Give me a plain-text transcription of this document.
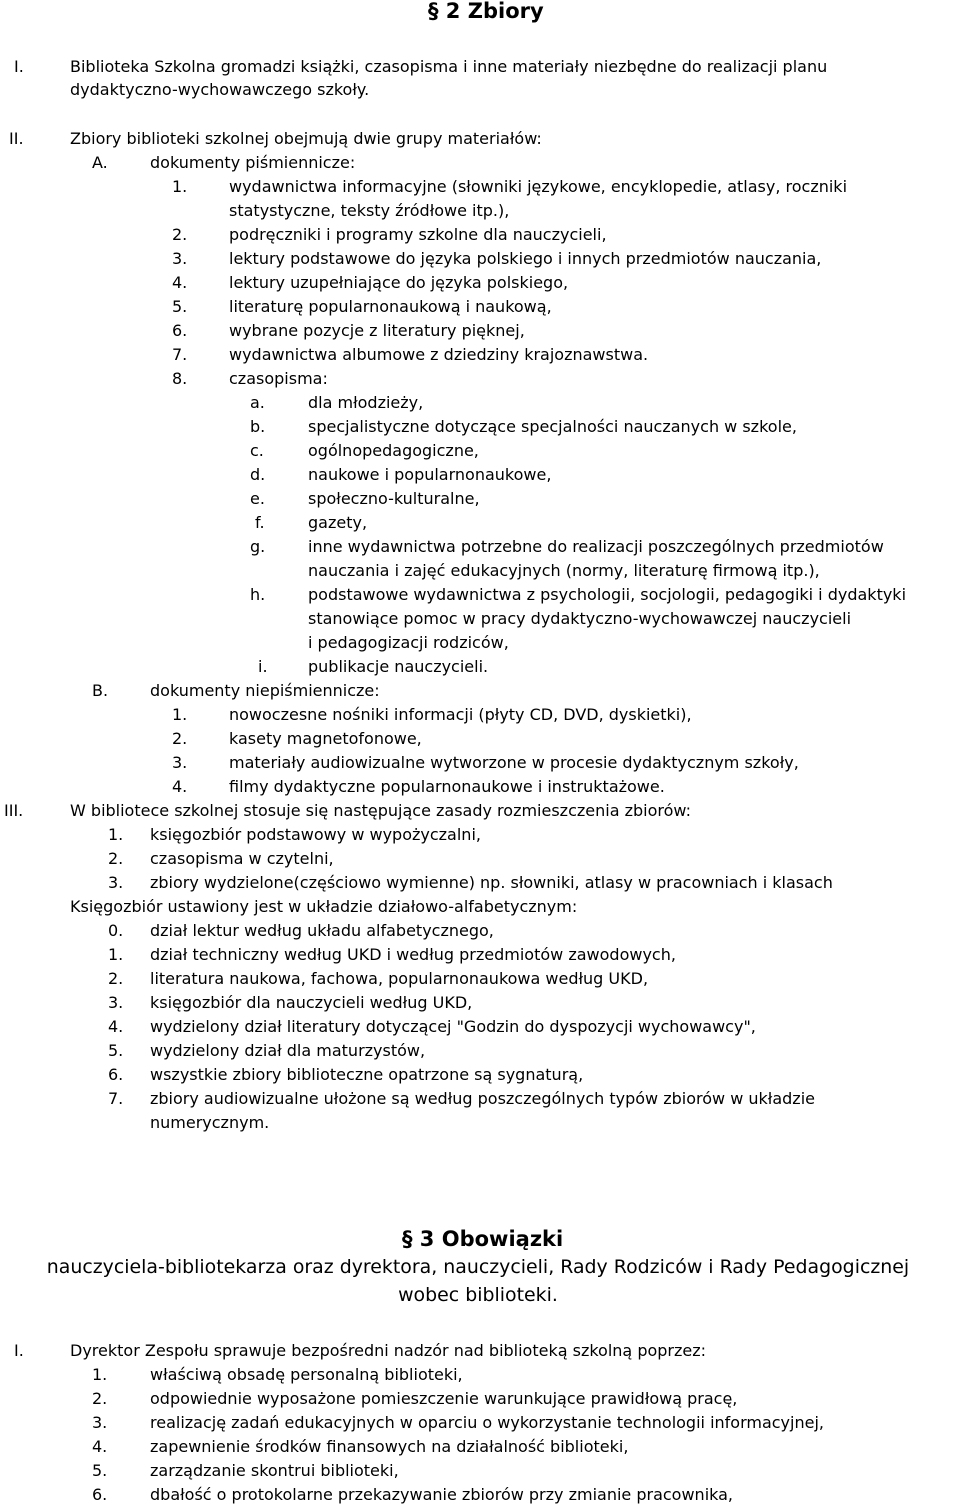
§ 2 Zbiory
I.	Biblioteka Szkolna gromadzi książki, czasopisma i inne materiały niezbędne do realizacji planu
dydaktyczno-wychowawczego szkoły.
II.	Zbiory biblioteki szkolnej obejmują dwie grupy materiałów:
A.	dokumenty piśmiennicze:
1.	wydawnictwa informacyjne (słowniki językowe, encyklopedie, atlasy, roczniki
statystyczne, teksty źródłowe itp.),
2.	podręczniki i programy szkolne dla nauczycieli,
3.	lektury podstawowe do języka polskiego i innych przedmiotów nauczania,
4.	lektury uzupełniające do języka polskiego,
5.	literaturę popularnonaukową i naukową,
6.	wybrane pozycje z literatury pięknej,
7.	wydawnictwa albumowe z dziedziny krajoznawstwa.
8.	czasopisma:
a.	dla młodzieży,
b.	specjalistyczne dotyczące specjalności nauczanych w szkole,
c.	ogólnopedagogiczne,
d.	naukowe i popularnonaukowe,
e.	społeczno-kulturalne,
f.	gazety,
g.	inne wydawnictwa potrzebne do realizacji poszczególnych przedmiotów
nauczania i zajęć edukacyjnych (normy, literaturę firmową itp.),
h.	podstawowe wydawnictwa z psychologii, socjologii, pedagogiki i dydaktyki
stanowiące pomoc w pracy dydaktyczno-wychowawczej nauczycieli
i pedagogizacji rodziców,
i.	publikacje nauczycieli.
B.	dokumenty niepiśmiennicze:
1.	nowoczesne nośniki informacji (płyty CD, DVD, dyskietki),
2.	kasety magnetofonowe,
3.	materiały audiowizualne wytworzone w procesie dydaktycznym szkoły,
4.	filmy dydaktyczne popularnonaukowe i instruktażowe.
III.	W bibliotece szkolnej stosuje się następujące zasady rozmieszczenia zbiorów:
1. księgozbiór podstawowy w wypożyczalni,
2. czasopisma w czytelni,
3. zbiory wydzielone(częściowo wymienne) np. słowniki, atlasy w pracowniach i klasach
Księgozbiór ustawiony jest w układzie działowo-alfabetycznym:
0. dział lektur według układu alfabetycznego,
1. dział techniczny według UKD i według przedmiotów zawodowych,
2. literatura naukowa, fachowa, popularnonaukowa według UKD,
3. księgozbiór dla nauczycieli według UKD,
4. wydzielony dział literatury dotyczącej "Godzin do dyspozycji wychowawcy",
5. wydzielony dział dla maturzystów,
6. wszystkie zbiory biblioteczne opatrzone są sygnaturą,
7. zbiory audiowizualne ułożone są według poszczególnych typów zbiorów w układzie
numerycznym.
§ 3 Obowiązki
nauczyciela-bibliotekarza oraz dyrektora, nauczycieli, Rady Rodziców i Rady Pedagogicznej
wobec biblioteki.
I.	Dyrektor Zespołu sprawuje bezpośredni nadzór nad biblioteką szkolną poprzez:
1.	właściwą obsadę personalną biblioteki,
2.	odpowiednie wyposażone pomieszczenie warunkujące prawidłową pracę,
3.	realizację zadań edukacyjnych w oparciu o wykorzystanie technologii informacyjnej,
4.	zapewnienie środków finansowych na działalność biblioteki,
5.	zarządzanie skontrui biblioteki,
6.	dbałość o protokolarne przekazywanie zbiorów przy zmianie pracownika,
